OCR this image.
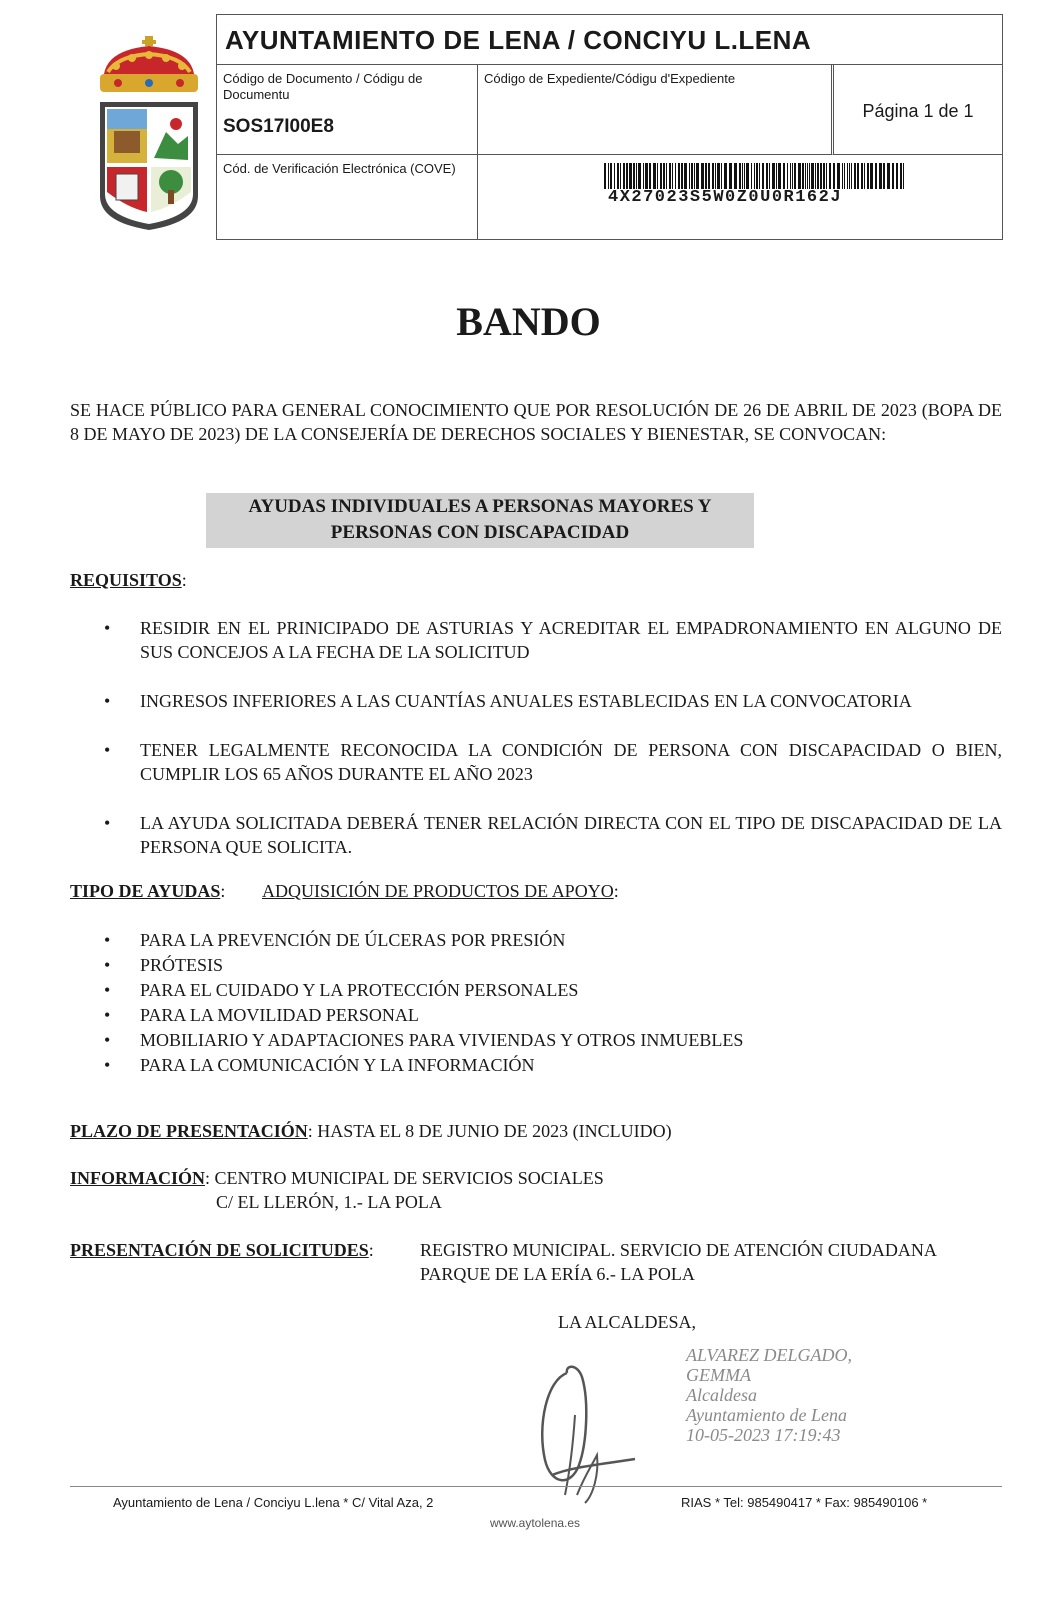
AYUNTAMIENTO DE LENA / CONCIYU L.LENA
Código de Documento / Códigu de Documentu
SOS17I00E8
Código de Expediente/Códigu d'Expediente
Página 1 de 1
Cód. de Verificación Electrónica (COVE)
4X27023S5W0Z0U0R162J
BANDO
SE HACE PÚBLICO PARA GENERAL CONOCIMIENTO QUE POR RESOLUCIÓN DE 26 DE ABRIL DE 2023 (BOPA DE 8 DE MAYO DE 2023) DE LA CONSEJERÍA DE DERECHOS SOCIALES Y BIENESTAR, SE CONVOCAN:
AYUDAS INDIVIDUALES A PERSONAS MAYORES Y
PERSONAS CON DISCAPACIDAD
REQUISITOS:
• RESIDIR EN EL PRINICIPADO DE ASTURIAS Y ACREDITAR EL EMPADRONAMIENTO EN ALGUNO DE SUS CONCEJOS A LA FECHA DE LA SOLICITUD
• INGRESOS INFERIORES A LAS CUANTÍAS ANUALES ESTABLECIDAS EN LA CONVOCATORIA
• TENER LEGALMENTE RECONOCIDA LA CONDICIÓN DE PERSONA CON DISCAPACIDAD O BIEN, CUMPLIR LOS 65 AÑOS DURANTE EL AÑO 2023
• LA AYUDA SOLICITADA DEBERÁ TENER RELACIÓN DIRECTA CON EL TIPO DE DISCAPACIDAD DE LA PERSONA QUE SOLICITA.
TIPO DE AYUDAS: ADQUISICIÓN DE PRODUCTOS DE APOYO:
• PARA LA PREVENCIÓN DE ÚLCERAS POR PRESIÓN
• PRÓTESIS
• PARA EL CUIDADO Y LA PROTECCIÓN PERSONALES
• PARA LA MOVILIDAD PERSONAL
• MOBILIARIO Y ADAPTACIONES PARA VIVIENDAS Y OTROS INMUEBLES
• PARA LA COMUNICACIÓN Y LA INFORMACIÓN
PLAZO DE PRESENTACIÓN: HASTA EL 8 DE JUNIO DE 2023 (INCLUIDO)
INFORMACIÓN: CENTRO MUNICIPAL DE SERVICIOS SOCIALES
C/ EL LLERÓN, 1.- LA POLA
PRESENTACIÓN DE SOLICITUDES:	REGISTRO MUNICIPAL. SERVICIO DE ATENCIÓN CIUDADANA
PARQUE DE LA ERÍA 6.- LA POLA
LA ALCALDESA,
ALVAREZ DELGADO,
GEMMA
Alcaldesa
Ayuntamiento de Lena
10-05-2023 17:19:43
Ayuntamiento de Lena / Conciyu L.lena * C/ Vital Aza, 2	RIAS * Tel: 985490417 * Fax: 985490106 *
www.aytolena.es
